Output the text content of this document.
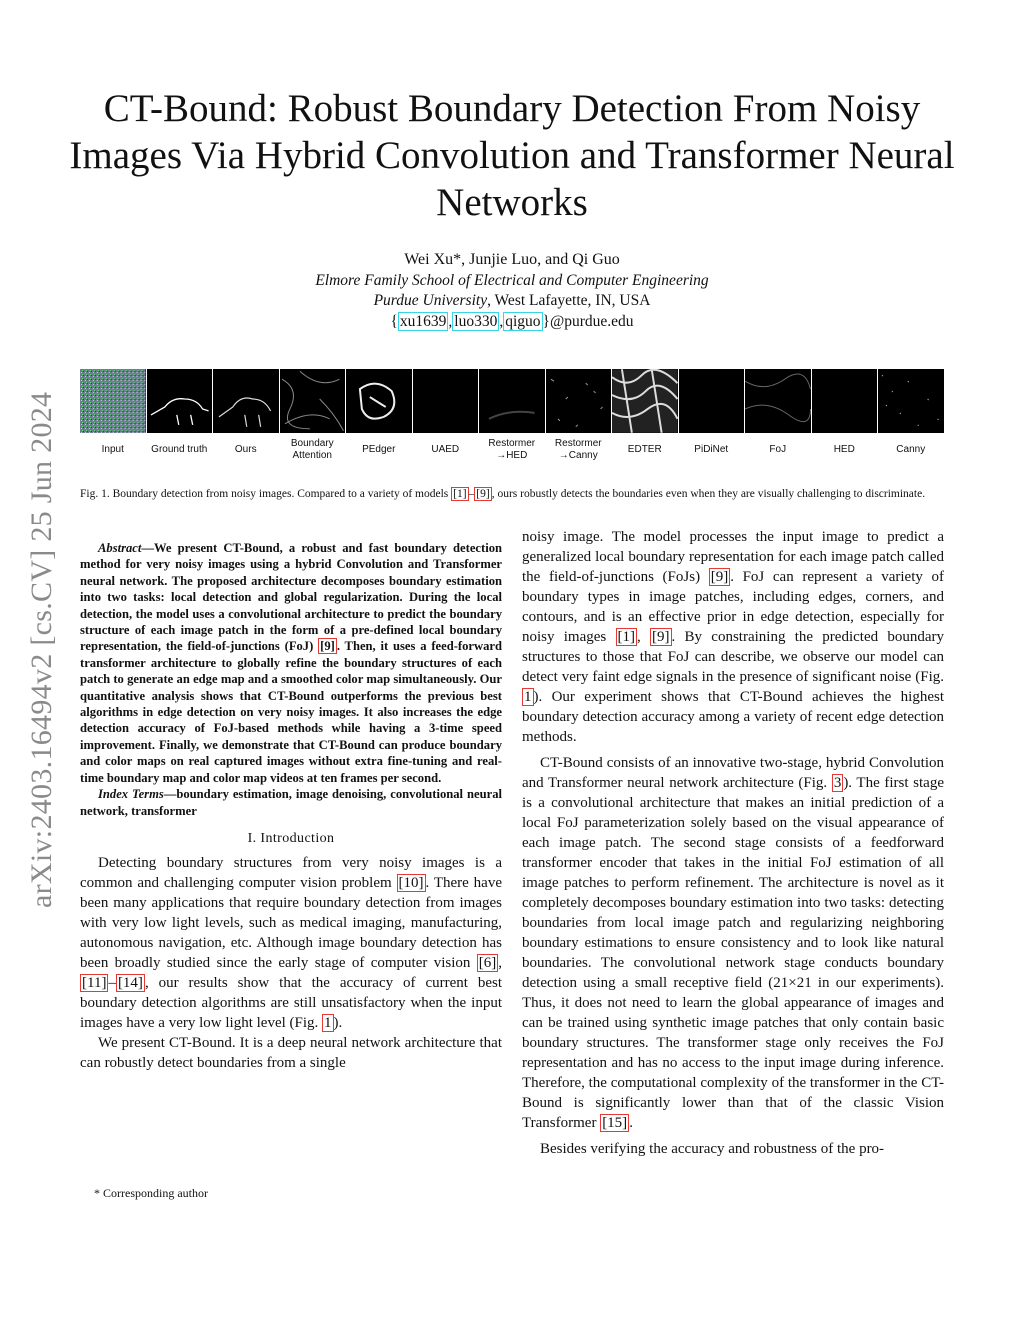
arXiv:2403.16494v2 [cs.CV] 25 Jun 2024
CT-Bound: Robust Boundary Detection From Noisy Images Via Hybrid Convolution and Transformer Neural Networks
Wei Xu*, Junjie Luo, and Qi Guo
Elmore Family School of Electrical and Computer Engineering
Purdue University, West Lafayette, IN, USA
{ xu1639 , luo330 , qiguo }@purdue.edu
Input	Ground truth	Ours
Boundary Attention
PEdger	UAED
Restormer →HED
Restormer →Canny
EDTER	PiDiNet	FoJ	HED	Canny
Fig. 1. Boundary detection from noisy images. Compared to a variety of models [1] – [9] , ours robustly detects the boundaries even when they are visually challenging to discriminate.

Abstract—We present CT-Bound, a robust and fast boundary detection method for very noisy images using a hybrid Convolution and Transformer neural network. The proposed architecture decomposes boundary estimation into two tasks: local detection and global regularization. During the local detection, the model uses a convolutional architecture to predict the boundary structure of each image patch in the form of a pre-defined local boundary representation, the field-of-junctions (FoJ) [9] . Then, it uses a feed-forward transformer architecture to globally refine the boundary structures of each patch to generate an edge map and a smoothed color map simultaneously. Our quantitative analysis shows that CT-Bound outperforms the previous best algorithms in edge detection on very noisy images. It also increases the edge detection accuracy of FoJ-based methods while having a 3-time speed improvement. Finally, we demonstrate that CT-Bound can produce boundary and color maps on real captured images without extra fine-tuning and real-time boundary map and color map videos at ten frames per second.

Index Terms—boundary estimation, image denoising, convolutional neural network, transformer

I. Introduction

Detecting boundary structures from very noisy images is a common and challenging computer vision problem [10] . There have been many applications that require boundary detection from images with very low light levels, such as medical imaging, manufacturing, autonomous navigation, etc. Although image boundary detection has been broadly studied since the early stage of computer vision [6] , [11] – [14] , our results show that the accuracy of current best boundary detection algorithms are still unsatisfactory when the input images have a very low light level (Fig. 1 ).

We present CT-Bound. It is a deep neural network architecture that can robustly detect boundaries from a single

noisy image. The model processes the input image to predict a generalized local boundary representation for each image patch called the field-of-junctions (FoJs) [9] . FoJ can represent a variety of boundary types in image patches, including edges, corners, and contours, and is an effective prior in edge detection, especially for noisy images [1] , [9] . By constraining the predicted boundary structures to those that FoJ can describe, we observe our model can detect very faint edge signals in the presence of significant noise (Fig. 1 ). Our experiment shows that CT-Bound achieves the highest boundary detection accuracy among a variety of recent edge detection methods.

CT-Bound consists of an innovative two-stage, hybrid Convolution and Transformer neural network architecture (Fig. 3 ). The first stage is a convolutional architecture that makes an initial prediction of a local FoJ parameterization solely based on the visual appearance of each image patch. The second stage consists of a feedforward transformer encoder that takes in the initial FoJ estimation of all image patches to perform refinement. The architecture is novel as it completely decomposes boundary estimation into two tasks: detecting boundaries from local image patch and regularizing neighboring boundary estimations to ensure consistency and to look like natural boundaries. The convolutional network stage conducts boundary detection using a small receptive field (21×21 in our experiments). Thus, it does not need to learn the global appearance of images and can be trained using synthetic image patches that only contain basic boundary structures. The transformer stage only receives the FoJ representation and has no access to the input image during inference. Therefore, the computational complexity of the transformer in the CT-Bound is significantly lower than that of the classic Vision Transformer [15] .

Besides verifying the accuracy and robustness of the pro-

* Corresponding author
